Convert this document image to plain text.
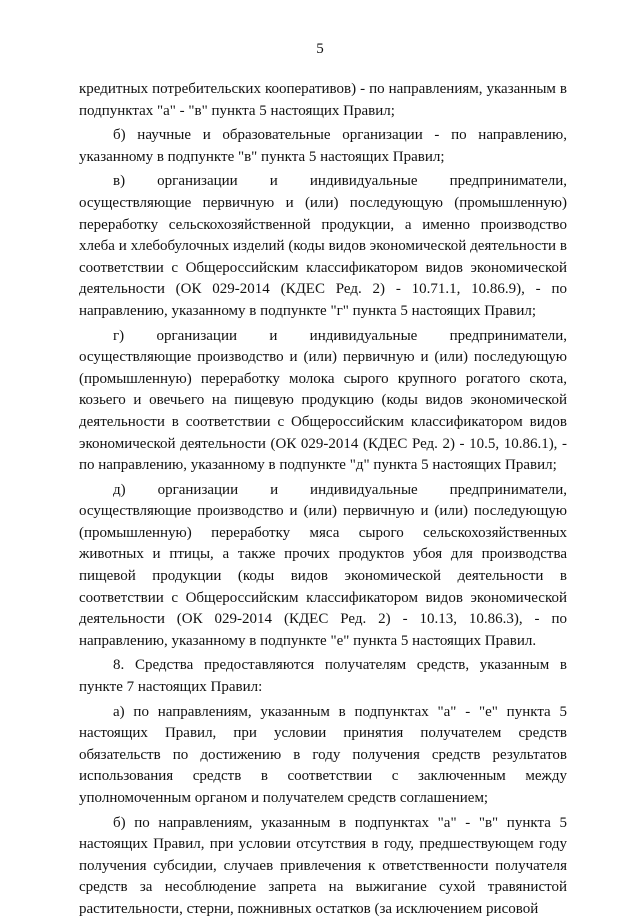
5

кредитных потребительских кооперативов) - по направлениям, указанным в подпунктах "а" - "в" пункта 5 настоящих Правил;

б) научные и образовательные организации - по направлению, указанному в подпункте "в" пункта 5 настоящих Правил;

в) организации и индивидуальные предприниматели, осуществляющие первичную и (или) последующую (промышленную) переработку сельскохозяйственной продукции, а именно производство хлеба и хлебобулочных изделий (коды видов экономической деятельности в соответствии с Общероссийским классификатором видов экономической деятельности (ОК 029-2014 (КДЕС Ред. 2) - 10.71.1, 10.86.9), - по направлению, указанному в подпункте "г" пункта 5 настоящих Правил;

г) организации и индивидуальные предприниматели, осуществляющие производство и (или) первичную и (или) последующую (промышленную) переработку молока сырого крупного рогатого скота, козьего и овечьего на пищевую продукцию (коды видов экономической деятельности в соответствии с Общероссийским классификатором видов экономической деятельности (ОК 029-2014 (КДЕС Ред. 2) - 10.5, 10.86.1), - по направлению, указанному в подпункте "д" пункта 5 настоящих Правил;

д) организации и индивидуальные предприниматели, осуществляющие производство и (или) первичную и (или) последующую (промышленную) переработку мяса сырого сельскохозяйственных животных и птицы, а также прочих продуктов убоя для производства пищевой продукции (коды видов экономической деятельности в соответствии с Общероссийским классификатором видов экономической деятельности (ОК 029-2014 (КДЕС Ред. 2) - 10.13, 10.86.3), - по направлению, указанному в подпункте "е" пункта 5 настоящих Правил.

8. Средства предоставляются получателям средств, указанным в пункте 7 настоящих Правил:

а) по направлениям, указанным в подпунктах "а" - "е" пункта 5 настоящих Правил, при условии принятия получателем средств обязательств по достижению в году получения средств результатов использования средств в соответствии с заключенным между уполномоченным органом и получателем средств соглашением;

б) по направлениям, указанным в подпунктах "а" - "в" пункта 5 настоящих Правил, при условии отсутствия в году, предшествующем году получения субсидии, случаев привлечения к ответственности получателя средств за несоблюдение запрета на выжигание сухой травянистой растительности, стерни, пожнивных остатков (за исключением рисовой
